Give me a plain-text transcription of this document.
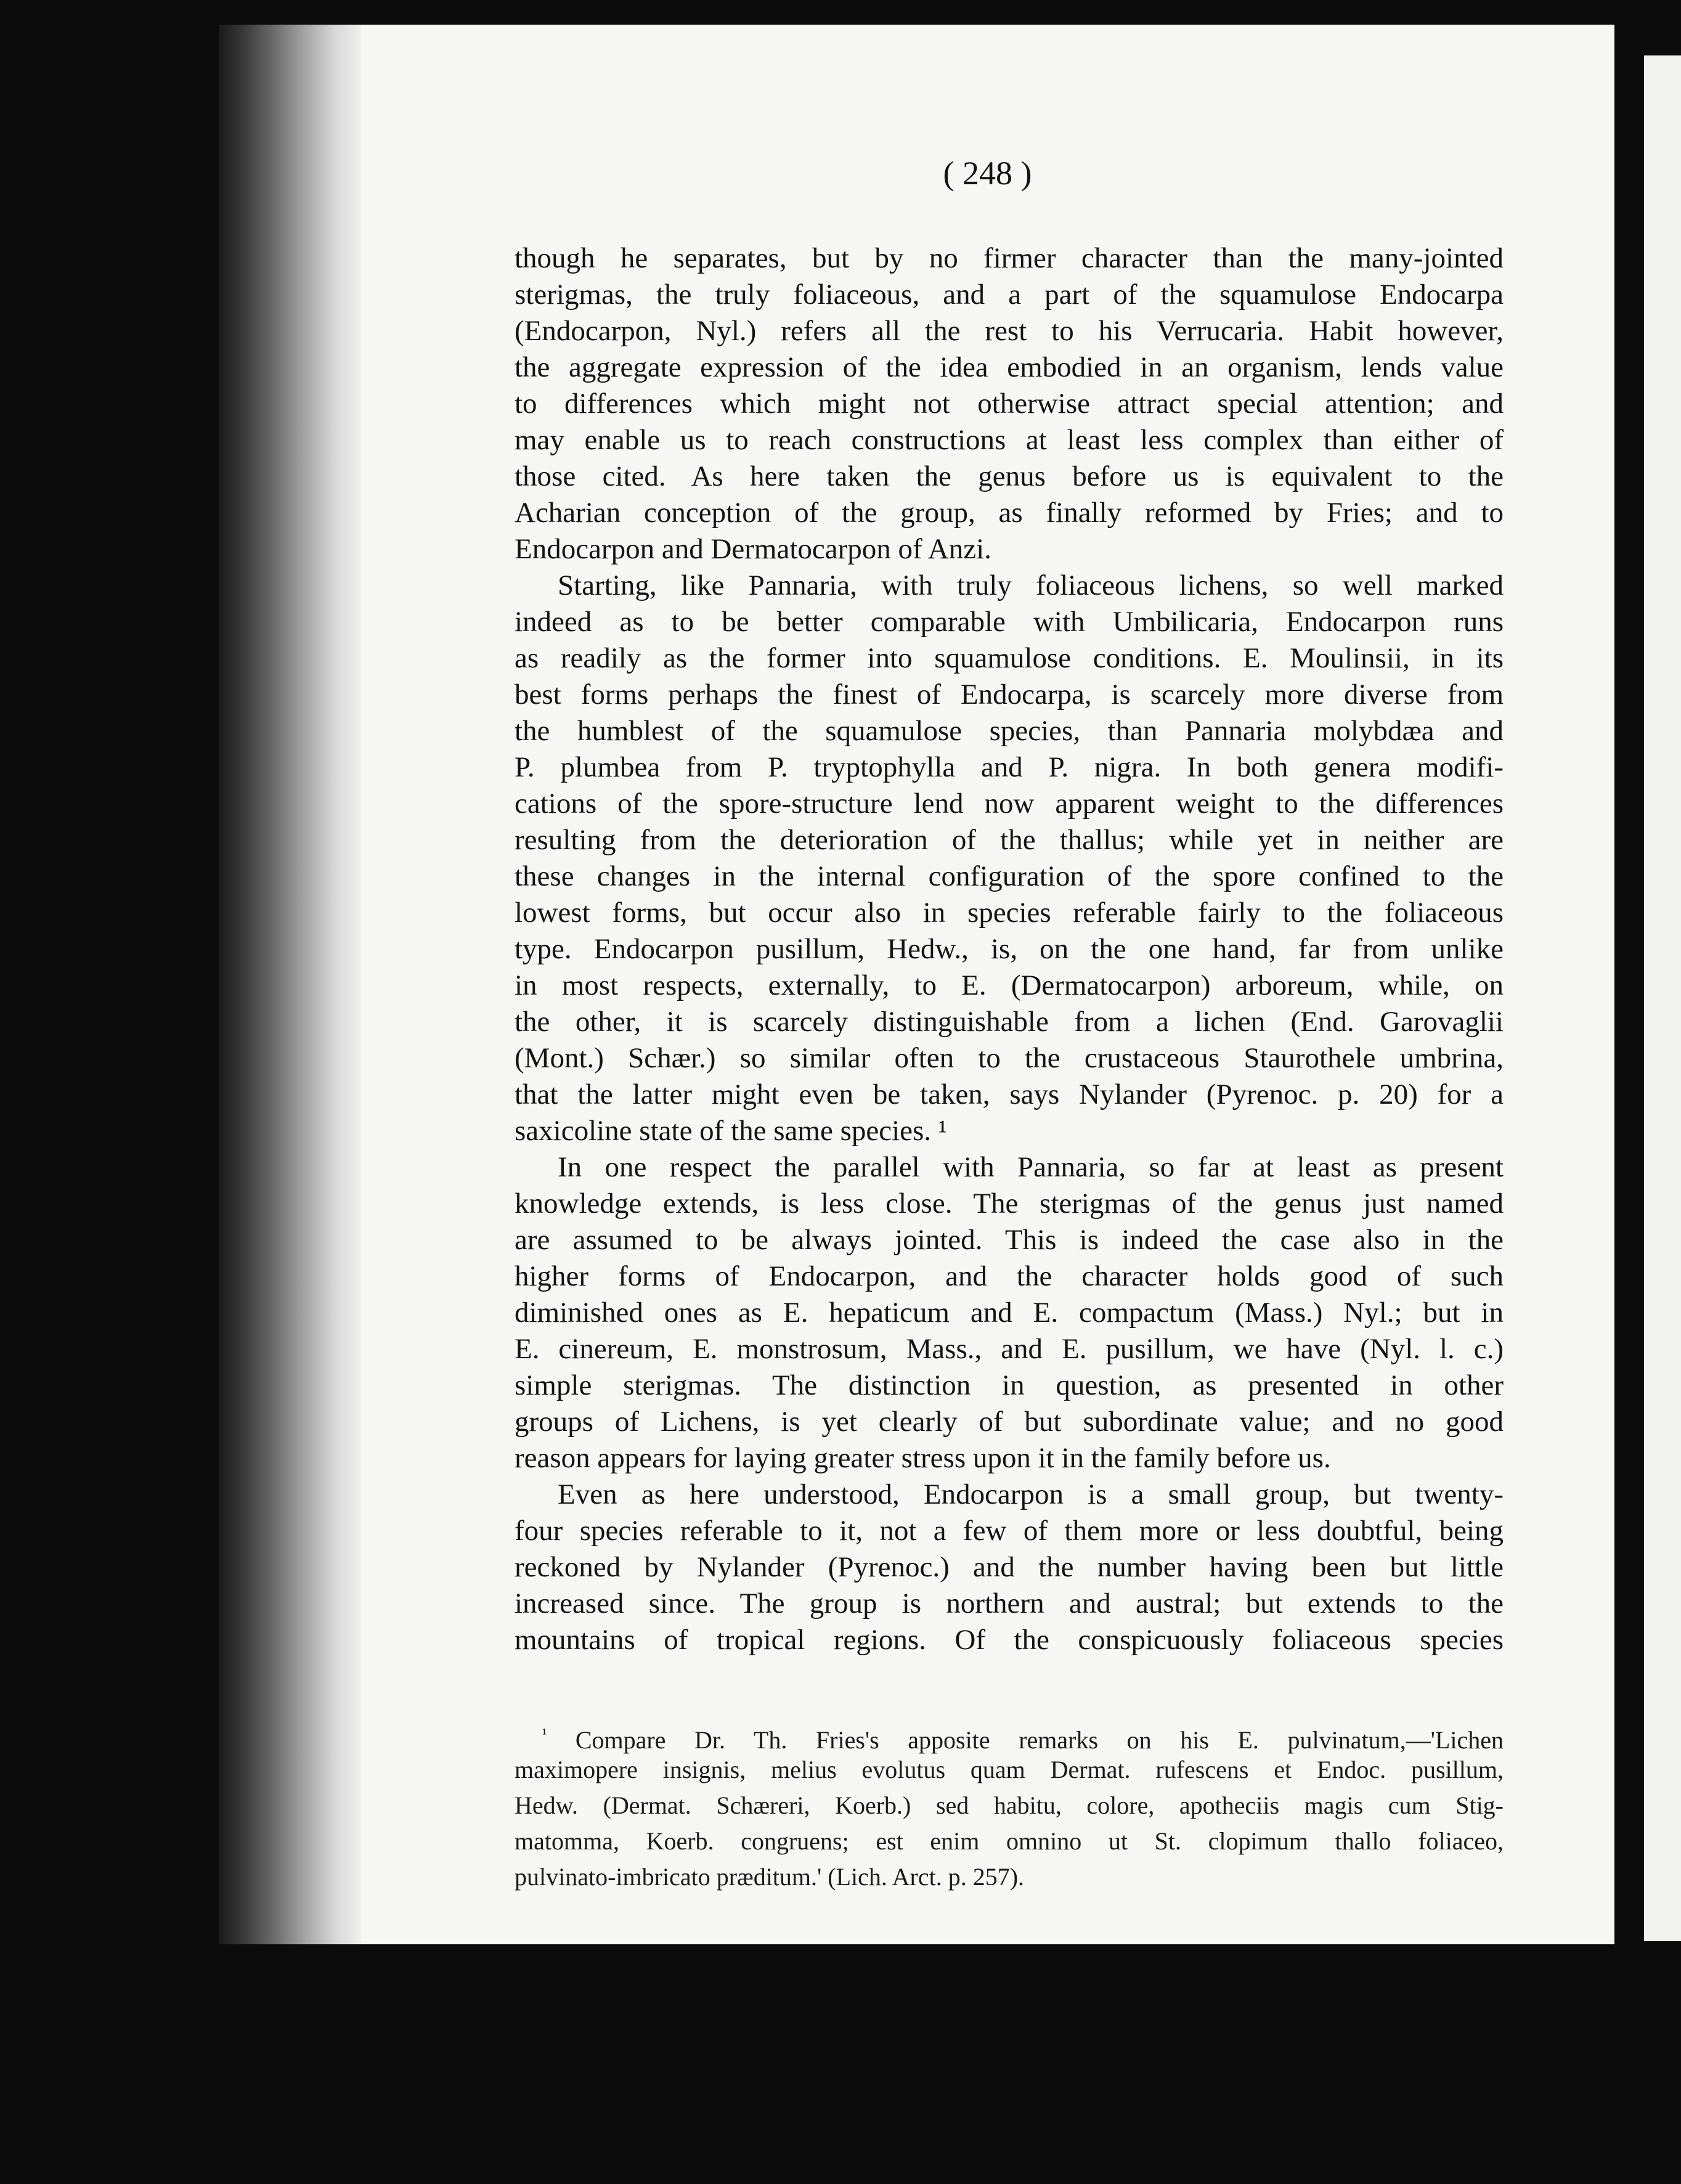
( 248 )
though he separates, but by no firmer character than the many-jointed
sterigmas, the truly foliaceous, and a part of the squamulose Endocarpa
(Endocarpon, Nyl.) refers all the rest to his Verrucaria. Habit however,
the aggregate expression of the idea embodied in an organism, lends value
to differences which might not otherwise attract special attention; and
may enable us to reach constructions at least less complex than either of
those cited. As here taken the genus before us is equivalent to the
Acharian conception of the group, as finally reformed by Fries; and to
Endocarpon and Dermatocarpon of Anzi.
Starting, like Pannaria, with truly foliaceous lichens, so well marked
indeed as to be better comparable with Umbilicaria, Endocarpon runs
as readily as the former into squamulose conditions. E. Moulinsii, in its
best forms perhaps the finest of Endocarpa, is scarcely more diverse from
the humblest of the squamulose species, than Pannaria molybdæa and
P. plumbea from P. tryptophylla and P. nigra. In both genera modifi-
cations of the spore-structure lend now apparent weight to the differences
resulting from the deterioration of the thallus; while yet in neither are
these changes in the internal configuration of the spore confined to the
lowest forms, but occur also in species referable fairly to the foliaceous
type. Endocarpon pusillum, Hedw., is, on the one hand, far from unlike
in most respects, externally, to E. (Dermatocarpon) arboreum, while, on
the other, it is scarcely distinguishable from a lichen (End. Garovaglii
(Mont.) Schær.) so similar often to the crustaceous Staurothele umbrina,
that the latter might even be taken, says Nylander (Pyrenoc. p. 20) for a
saxicoline state of the same species. ¹
In one respect the parallel with Pannaria, so far at least as present
knowledge extends, is less close. The sterigmas of the genus just named
are assumed to be always jointed. This is indeed the case also in the
higher forms of Endocarpon, and the character holds good of such
diminished ones as E. hepaticum and E. compactum (Mass.) Nyl.; but in
E. cinereum, E. monstrosum, Mass., and E. pusillum, we have (Nyl. l. c.)
simple sterigmas. The distinction in question, as presented in other
groups of Lichens, is yet clearly of but subordinate value; and no good
reason appears for laying greater stress upon it in the family before us.
Even as here understood, Endocarpon is a small group, but twenty-
four species referable to it, not a few of them more or less doubtful, being
reckoned by Nylander (Pyrenoc.) and the number having been but little
increased since. The group is northern and austral; but extends to the
mountains of tropical regions. Of the conspicuously foliaceous species
$^{^1}$ Compare Dr. Th. Fries's apposite remarks on his E. pulvinatum,—'Lichen
maximopere insignis, melius evolutus quam Dermat. rufescens et Endoc. pusillum,
Hedw. (Dermat. Schæreri, Koerb.) sed habitu, colore, apotheciis magis cum Stig-
matomma, Koerb. congruens; est enim omnino ut St. clopimum thallo foliaceo,
pulvinato-imbricato præditum.' (Lich. Arct. p. 257).
